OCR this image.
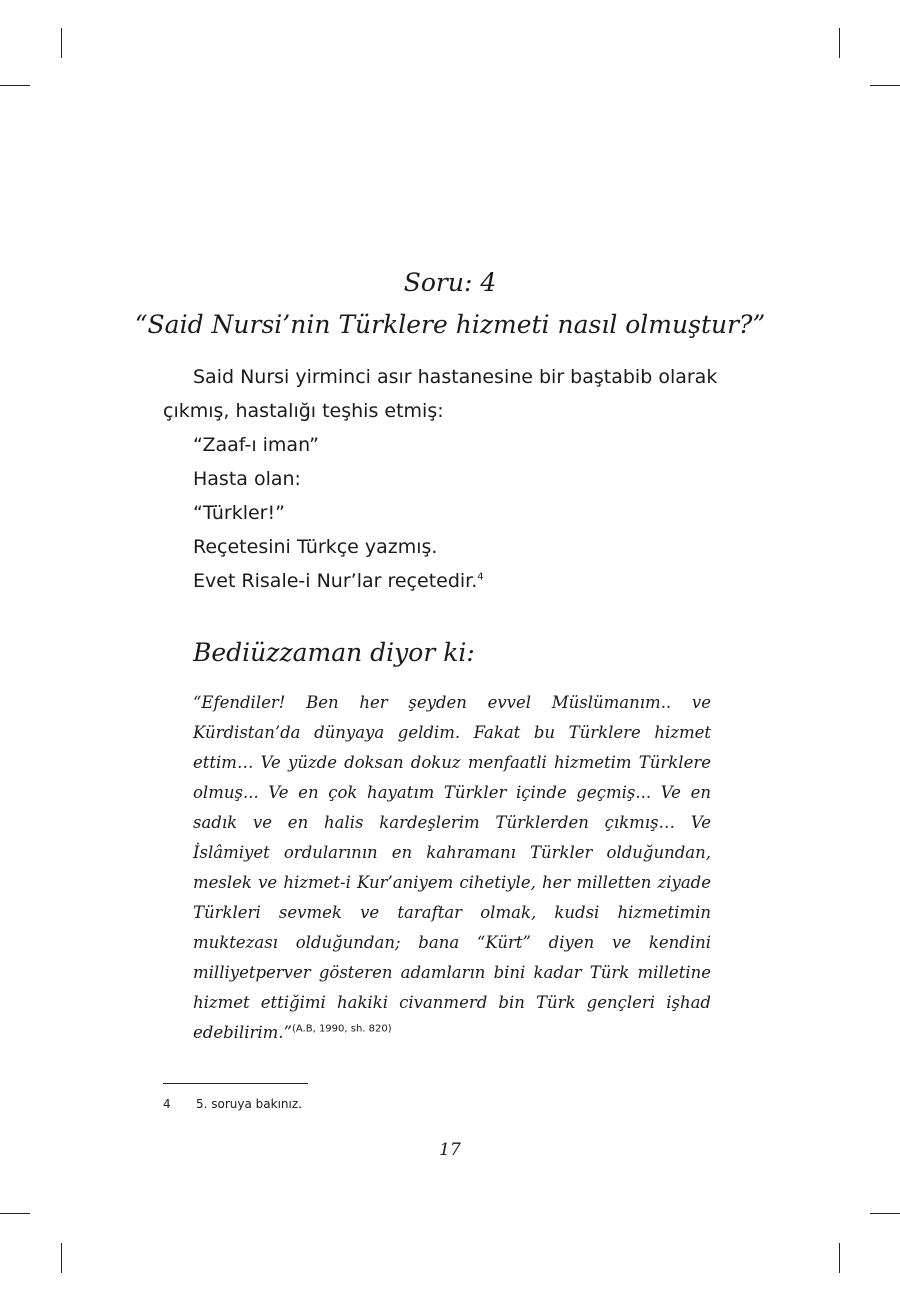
Soru: 4
“Said Nursi’nin Türklere hizmeti nasıl olmuştur?”

Said Nursi yirminci asır hastanesine bir baştabib olarak çıkmış, hastalığı teşhis etmiş:

“Zaaf-ı iman”

Hasta olan:

“Türkler!”

Reçetesini Türkçe yazmış.

Evet Risale-i Nur’lar reçetedir.$^4$

Bediüzzaman diyor ki:
“Efendiler! Ben her şeyden evvel Müslümanım.. ve Kürdistan’da dünyaya geldim. Fakat bu Türklere hizmet ettim… Ve yüzde doksan dokuz menfaatli hizmetim Türklere olmuş... Ve en çok hayatım Türkler içinde geçmiş... Ve en sadık ve en halis kardeşlerim Türklerden çıkmış… Ve İslâmiyet ordularının en kahramanı Türkler olduğundan, meslek ve hizmet-i Kur’aniyem cihetiyle, her milletten ziyade Türkleri sevmek ve taraftar olmak, kudsi hizmetimin muktezası olduğundan; bana “Kürt” diyen ve kendini milliyetperver gösteren adamların bini kadar Türk milletine hizmet ettiğimi hakiki civanmerd bin Türk gençleri işhad edebilirim.”$^{(A.B, 1990, sh. 820)}$
4 5. soruya bakınız.
17
